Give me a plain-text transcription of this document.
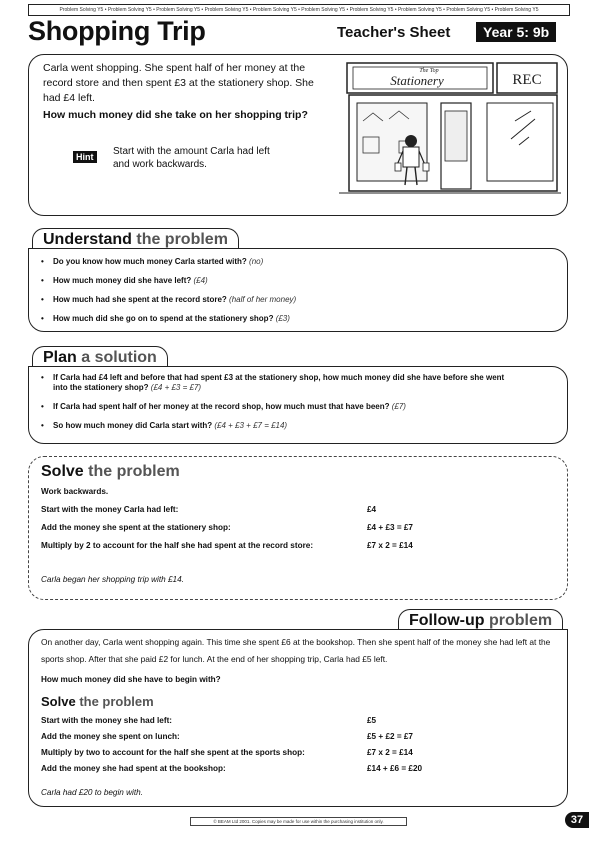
Problem Solving Y5 • Problem Solving Y5 • Problem Solving Y5 • Problem Solving Y5 • Problem Solving Y5 • Problem Solving Y5 • Problem Solving Y5 • Problem Solving Y5 • Problem Solving Y5 • Problem Solving Y5
Shopping Trip	Teacher's Sheet	Year 5: 9b
Carla went shopping. She spent half of her money at the record store and then spent £3 at the stationery shop. She had £4 left.
How much money did she take on her shopping trip?
Hint	Start with the amount Carla had left and work backwards.
Stationery
The Top
REC
Understand the problem
• Do you know how much money Carla started with? (no)
• How much money did she have left? (£4)
• How much had she spent at the record store? (half of her money)
• How much did she go on to spend at the stationery shop? (£3)
Plan a solution
• If Carla had £4 left and before that had spent £3 at the stationery shop, how much money did she have before she went into the stationery shop? (£4 + £3 = £7)
• If Carla had spent half of her money at the record shop, how much must that have been? (£7)
• So how much money did Carla start with? (£4 + £3 + £7 = £14)
Solve the problem
Work backwards.
Start with the money Carla had left:	£4
Add the money she spent at the stationery shop:	£4 + £3 = £7
Multiply by 2 to account for the half she had spent at the record store:	£7 x 2 = £14
Carla began her shopping trip with £14.
Follow-up problem
On another day, Carla went shopping again. This time she spent £6 at the bookshop. Then she spent half of the money she had left at the sports shop. After that she paid £2 for lunch. At the end of her shopping trip, Carla had £5 left.
How much money did she have to begin with?
Solve the problem
Start with the money she had left:	£5
Add the money she spent on lunch:	£5 + £2 = £7
Multiply by two to account for the half she spent at the sports shop:	£7 x 2 = £14
Add the money she had spent at the bookshop:	£14 + £6 = £20
Carla had £20 to begin with.
© BEAM Ltd 2001. Copies may be made for use within the purchasing institution only.	37
